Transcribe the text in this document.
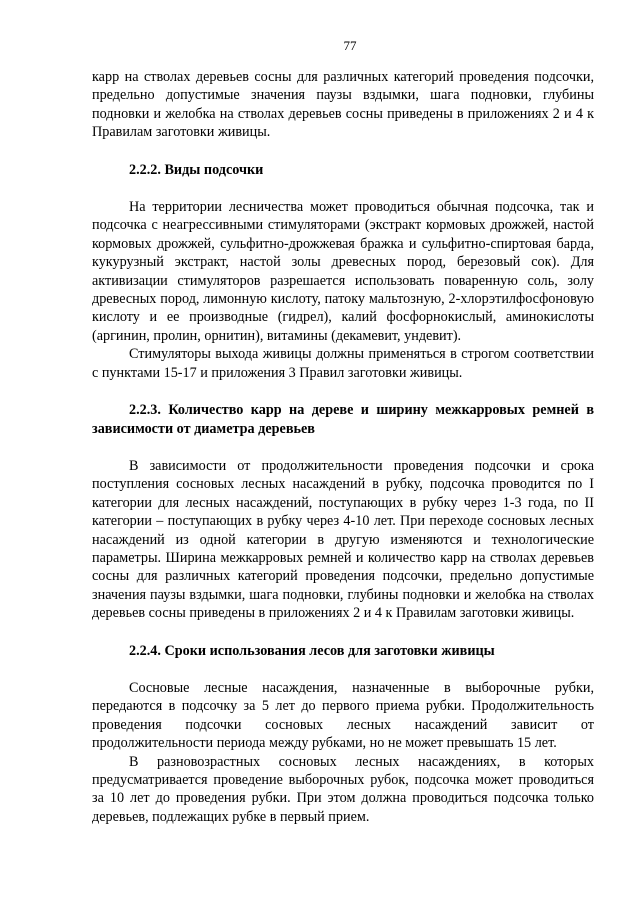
77

карр на стволах деревьев сосны для различных категорий проведения подсочки, предельно допустимые значения паузы вздымки, шага подновки, глубины подновки и желобка на стволах деревьев сосны приведены в приложениях 2 и 4 к Правилам заготовки живицы.

2.2.2. Виды подсочки

На территории лесничества может проводиться обычная подсочка, так и подсочка с неагрессивными стимуляторами (экстракт кормовых дрожжей, настой кормовых дрожжей, сульфитно-дрожжевая бражка и сульфитно-спиртовая барда, кукурузный экстракт, настой золы древесных пород, березовый сок). Для активизации стимуляторов разрешается использовать поваренную соль, золу древесных пород, лимонную кислоту, патоку мальтозную, 2-хлорэтилфосфоновую кислоту и ее производные (гидрел), калий фосфорнокислый, аминокислоты (аргинин, пролин, орнитин), витамины (декамевит, ундевит).

Стимуляторы выхода живицы должны применяться в строгом соответствии с пунктами 15-17 и приложения 3 Правил заготовки живицы.

2.2.3. Количество карр на дереве и ширину межкарровых ремней в зависимости от диаметра деревьев

В зависимости от продолжительности проведения подсочки и срока поступления сосновых лесных насаждений в рубку, подсочка проводится по I категории для лесных насаждений, поступающих в рубку через 1-3 года, по II категории – поступающих в рубку через 4-10 лет. При переходе сосновых лесных насаждений из одной категории в другую изменяются и технологические параметры. Ширина межкарровых ремней и количество карр на стволах деревьев сосны для различных категорий проведения подсочки, предельно допустимые значения паузы вздымки, шага подновки, глубины подновки и желобка на стволах деревьев сосны приведены в приложениях 2 и 4 к Правилам заготовки живицы.

2.2.4. Сроки использования лесов для заготовки живицы

Сосновые лесные насаждения, назначенные в выборочные рубки, передаются в подсочку за 5 лет до первого приема рубки. Продолжительность проведения подсочки сосновых лесных насаждений зависит от продолжительности периода между рубками, но не может превышать 15 лет.

В разновозрастных сосновых лесных насаждениях, в которых предусматривается проведение выборочных рубок, подсочка может проводиться за 10 лет до проведения рубки. При этом должна проводиться подсочка только деревьев, подлежащих рубке в первый прием.
